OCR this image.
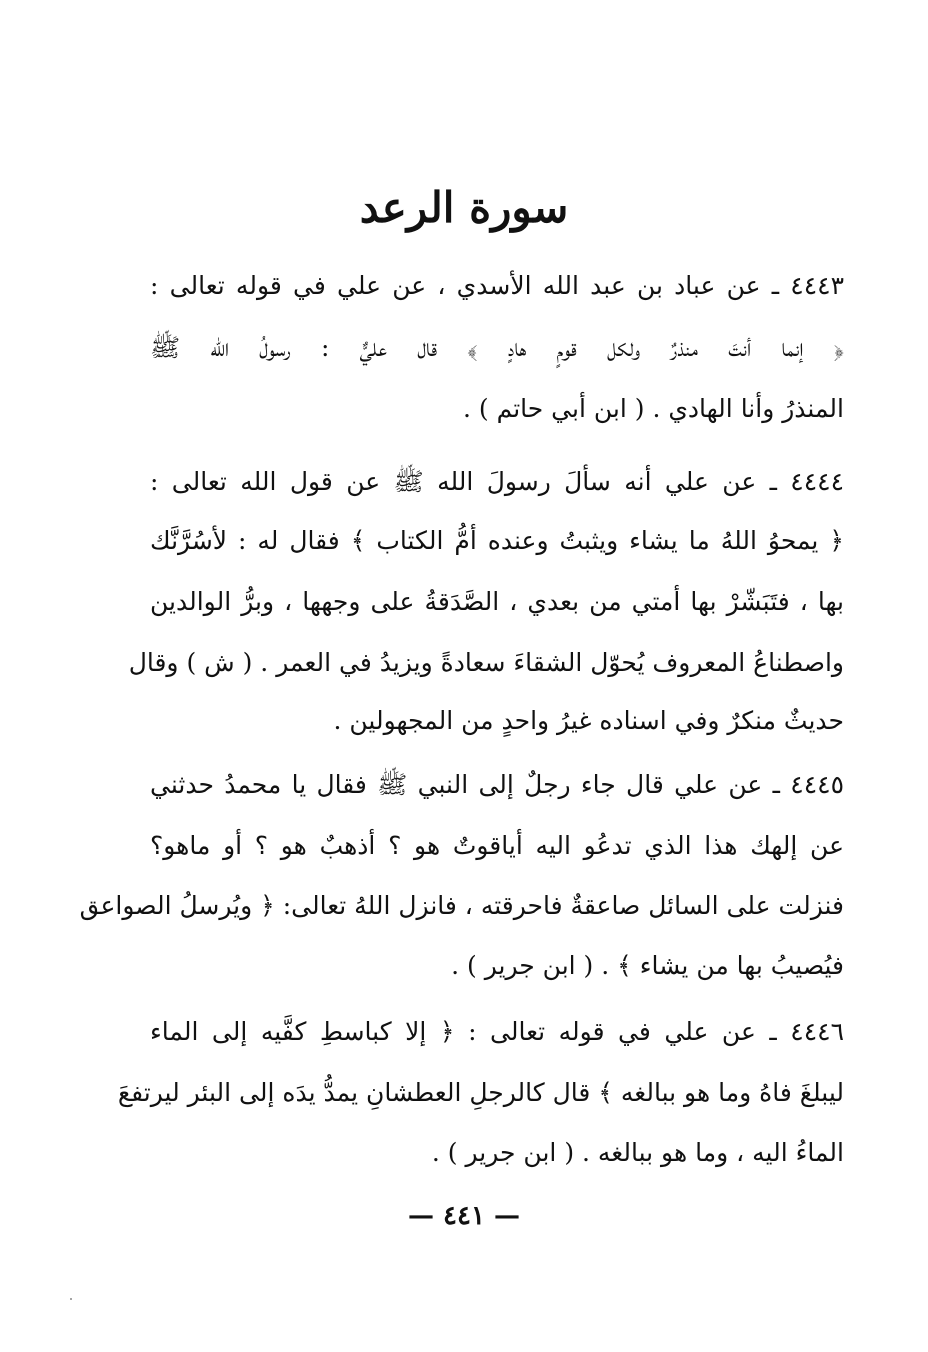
سورة الرعد
٤٤٤٣ ـ عن عباد بن عبد الله الأسدي ، عن علي في قوله تعالى :
﴿ إنما أنتَ منذرٌ ولكل قومٍ هادٍ ﴾ قال عليٌّ : رسولُ الله ﷺ
المنذرُ وأنا الهادي . ( ابن أبي حاتم ) .
٤٤٤٤ ـ عن علي أنه سألَ رسولَ الله ﷺ عن قول الله تعالى :
﴿ يمحوُ اللهُ ما يشاء ويثبتُ وعنده أمُّ الكتاب ﴾ فقال له : لأسُرَّنَّك
بها ، فتَبَشّرْ بها أمتي من بعدي ، الصَّدَقةُ على وجهها ، وبرُّ الوالدين
واصطناعُ المعروف يُحوّل الشقاءَ سعادةً ويزيدُ في العمر . ( ش ) وقال
حديثٌ منكرٌ وفي اسناده غيرُ واحدٍ من المجهولين .
٤٤٤٥ ـ عن علي قال جاء رجلٌ إلى النبي ﷺ فقال يا محمدُ حدثني
عن إلهك هذا الذي تدعُو اليه أياقوتٌ هو ؟ أذهبٌ هو ؟ أو ماهو؟
فنزلت على السائل صاعقةٌ فاحرقته ، فانزل اللهُ تعالى: ﴿ ويُرسلُ الصواعق
فيُصيبُ بها من يشاء ﴾ . ( ابن جرير ) .
٤٤٤٦ ـ عن علي في قوله تعالى : ﴿ إلا كباسطِ كفَّيه إلى الماء
ليبلغَ فاهُ وما هو ببالغه ﴾ قال كالرجلِ العطشانِ يمدُّ يدَه إلى البئر ليرتفعَ
الماءُ اليه ، وما هو ببالغه . ( ابن جرير ) .
— ٤٤١ —
